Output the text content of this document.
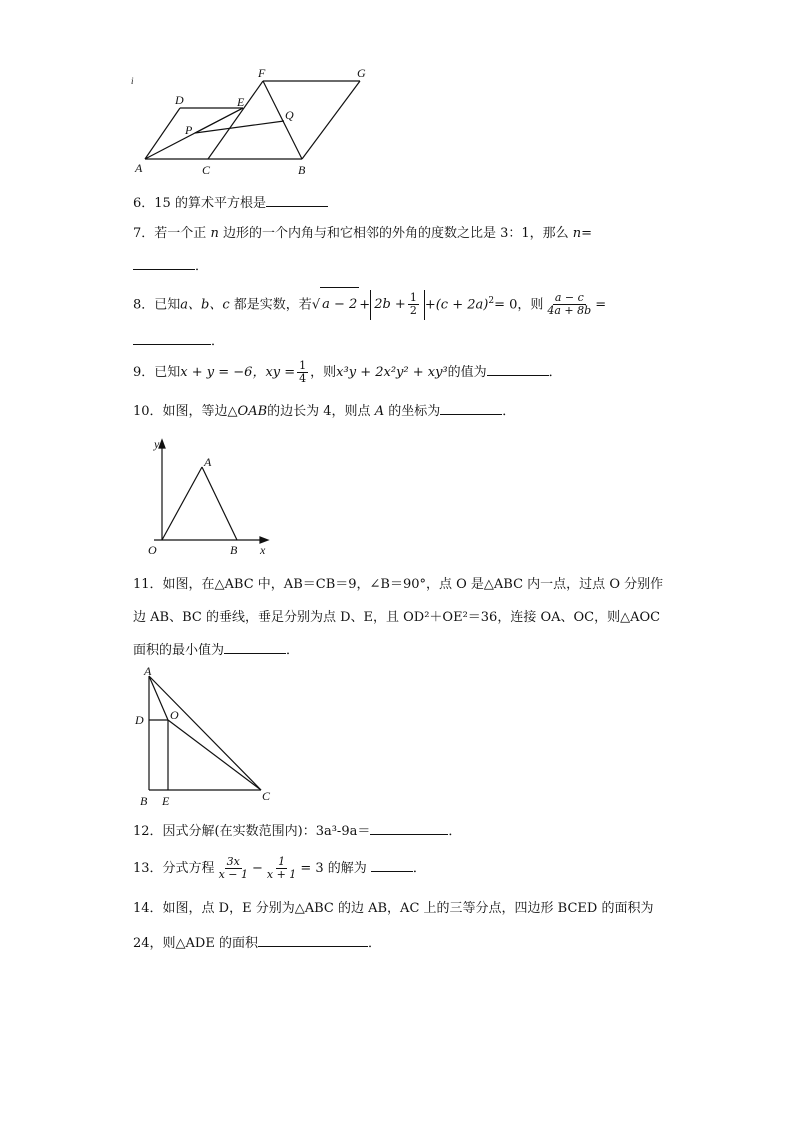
i
A	B
C
D	E
F	G
P
Q
6．15 的算术平方根是
7．若一个正 n 边形的一个内角与和它相邻的外角的度数之比是 3：1，那么 n=
．
8．已知a、b、c 都是实数，若√ $a - 2 + 2b + \frac{1}{2} +(c + 2a)^2= 0$，则 $\frac{a - c}{4a + 8b}$ =
．
9．已知x + y = −6，xy = $\frac{1}{4}$ ，则x³y + 2x²y² + xy³的值为	．
10．如图，等边△OAB的边长为 4，则点 A 的坐标为	．
y
x
A
O	B
11．如图，在△ABC 中，AB＝CB＝9，∠B＝90°，点 O 是△ABC 内一点，过点 O 分别作
边 AB、BC 的垂线，垂足分别为点 D、E，且 OD²＋OE²＝36，连接 OA、OC，则△AOC
面积的最小值为	．
A
D O
B E	C
12．因式分解(在实数范围内)：3a³-9a＝	．
13．分式方程 $\frac{3x}{x - 1} - \frac{1}{x + 1} = 3$ 的解为	．
14．如图，点 D，E 分别为△ABC 的边 AB，AC 上的三等分点，四边形 BCED 的面积为
24，则△ADE 的面积	．
